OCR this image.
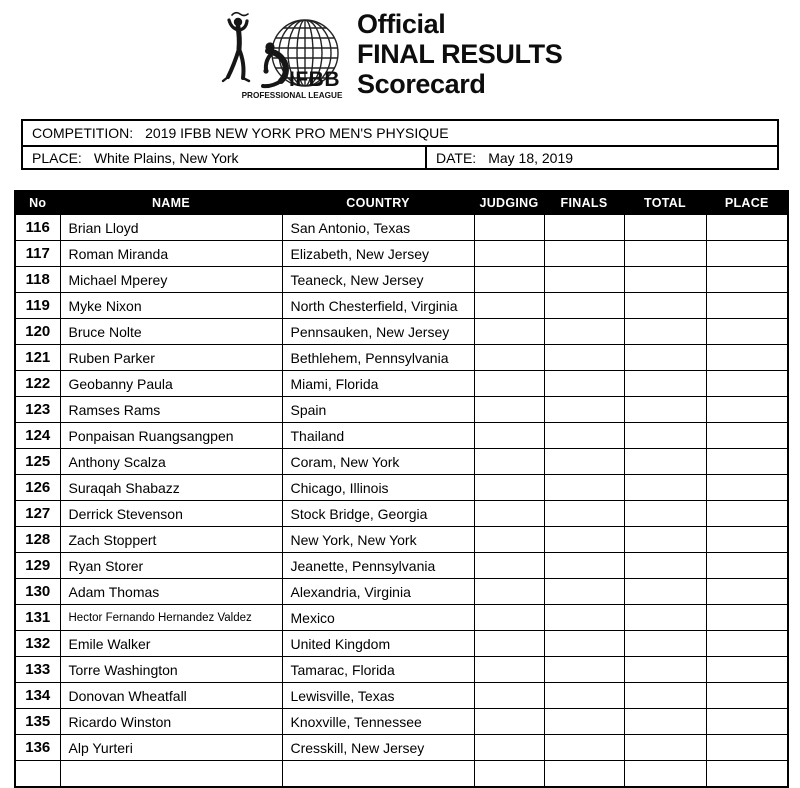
IFBB
PROFESSIONAL LEAGUE
Official
FINAL RESULTS
Scorecard
COMPETITION: 2019 IFBB NEW YORK PRO MEN'S PHYSIQUE
PLACE: White Plains, New York	DATE: May 18, 2019
No	NAME	COUNTRY	JUDGING	FINALS	TOTAL	PLACE
116	Brian Lloyd	San Antonio, Texas				
117	Roman Miranda	Elizabeth, New Jersey				
118	Michael Mperey	Teaneck, New Jersey				
119	Myke Nixon	North Chesterfield, Virginia				
120	Bruce Nolte	Pennsauken, New Jersey				
121	Ruben Parker	Bethlehem, Pennsylvania				
122	Geobanny Paula	Miami, Florida				
123	Ramses Rams	Spain				
124	Ponpaisan Ruangsangpen	Thailand				
125	Anthony Scalza	Coram, New York				
126	Suraqah Shabazz	Chicago, Illinois				
127	Derrick Stevenson	Stock Bridge, Georgia				
128	Zach Stoppert	New York, New York				
129	Ryan Storer	Jeanette, Pennsylvania				
130	Adam Thomas	Alexandria, Virginia				
131	Hector Fernando Hernandez Valdez	Mexico				
132	Emile Walker	United Kingdom				
133	Torre Washington	Tamarac, Florida				
134	Donovan Wheatfall	Lewisville, Texas				
135	Ricardo Winston	Knoxville, Tennessee				
136	Alp Yurteri	Cresskill, New Jersey				
